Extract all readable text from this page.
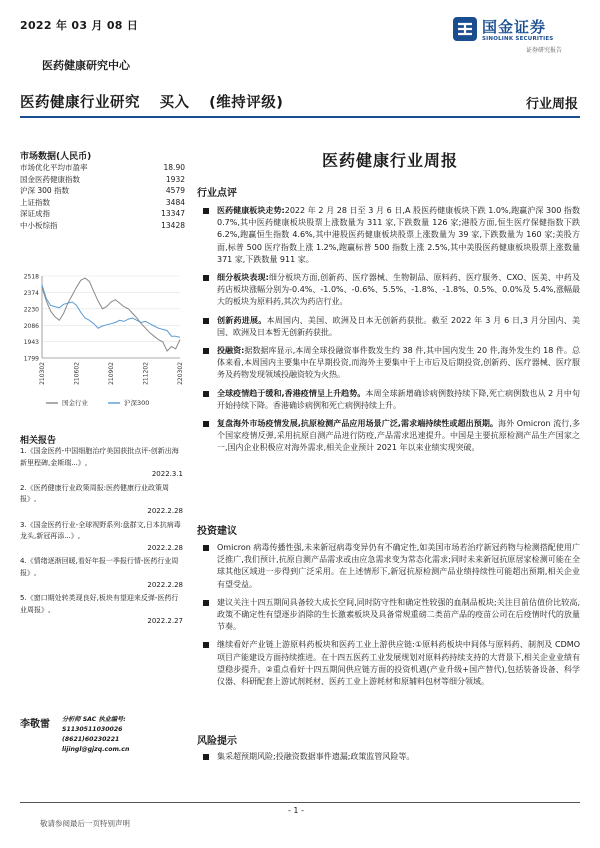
2022 年 03 月 08 日	国金证券
SINOLINK SECURITIES
证券研究报告
医药健康研究中心
医药健康行业研究 买入 (维持评级)	行业周报
市场数据(人民币)
市场优化平均市盈率	18.90
国金医药健康指数	1932
沪深 300 指数	4579
上证指数	3484
深证成指	13347
中小板综指	13428
2518
2374
2230
2086
1943
1799
210302	210602	210902	211202	220302
国金行业	沪深300
相关报告
1.《国金医药-中国细胞治疗美国获批点评-创新出海新里程碑,金斯瑞...》,
2022.3.1
2.《医药健康行业政策周报:医药健康行业政策周报》,
2022.2.28
3.《国金医药行业-全球视野系列:盘群文,日本抗病毒龙头,新冠再添...》,
2022.2.28
4.《情绪逐渐回暖,看好年报一季报行情-医药行业周报》,
2022.2.28
5.《窗口期处转类现良好,板块有望迎来反弹-医药行业周报》,
2022.2.27
李敬雷 分析师 SAC 执业编号: S1130511030026
(8621)60230221
lijingl@gjzq.com.cn
医药健康行业周报
行业点评
医药健康板块走势:2022 年 2 月 28 日至 3 月 6 日,A 股医药健康板块下跌 1.0%,跑赢沪深 300 指数 0.7%,其中医药健康板块股票上涨数量为 311 家,下跌数量 126 家;港股方面,恒生医疗保健指数下跌 6.2%,跑赢恒生指数 4.6%,其中港股医药健康板块股票上涨数量为 39 家,下跌数量为 160 家;美股方面,标普 500 医疗指数上涨 1.2%,跑赢标普 500 指数上涨 2.5%,其中美股医药健康板块股票上涨数量 371 家,下跌数量 911 家。
细分板块表现:细分板块方面,创新药、医疗器械、生物制品、原料药、医疗服务、CXO、医美、中药及药店板块涨幅分别为-0.4%、-1.0%、-0.6%、5.5%、-1.8%、-1.8%、0.5%、0.0%及 5.4%,涨幅最大的板块为原料药,其次为药店行业。
创新药进展。本周国内、美国、欧洲及日本无创新药获批。截至 2022 年 3 月 6 日,3 月分国内、美国、欧洲及日本暂无创新药获批。
投融资:据数据库显示,本周全球投融资事件数发生约 38 件,其中国内发生 20 件,海外发生约 18 件。总体来看,本周国内主要集中在早期投资,而海外主要集中于上市后及后期投资,创新药、医疗器械、医疗服务及药物发现领域投融资较为火热。
全球疫情趋于缓和,香港疫情呈上升趋势。本周全球新增确诊病例数持续下降,死亡病例数也从 2 月中旬开始持续下降。香港确诊病例和死亡病例持续上升。
复盘海外市场疫情发展,抗原检测产品应用场景广泛,需求端持续性或超出预期。海外 Omicron 流行,多个国家疫情反弹,采用抗原自测产品进行防疫,产品需求迅速提升。中国是主要抗原检测产品生产国家之一,国内企业积极应对海外需求,相关企业预计 2021 年以来业绩实现突破。
投资建议
Omicron 病毒传播性强,未来新冠病毒变异仍有不确定性,如美国市场若治疗新冠药物与检测搭配使用广泛推广,我们预计,抗原自测产品需求或由应急需求变为常态化需求;同时未来新冠抗原居家检测可能在全球其他区域进一步得到广泛采用。在上述情形下,新冠抗原检测产品业绩持续性可能超出预期,相关企业有望受益。
建议关注十四五期间具备较大成长空间,同时防守性和确定性较强的血制品板块;关注目前估值价比较高,政策不确定性有望逐步消除的生长激素板块及具备常规重磅二类苗产品的疫苗公司在后疫情时代的放量节奏。
继续看好产业链上游原料药板块和医药工业上游供应链:①原料药板块中间体与原料药、制剂及 CDMO 项目产能建设方面持续推进。在十四五医药工业发展规划对原料药持续支持的大背景下,相关企业业绩有望稳步提升。②重点看好十四五期间供应链方面的投资机遇(产业升级+国产替代),包括装备设备、科学仪器、科研配套上游试剂耗材、医药工业上游耗材和原辅料包材等细分领域。
风险提示
集采超预期风险;投融资数据事件遗漏;政策监管风险等。
- 1 -
敬请参阅最后一页特别声明
